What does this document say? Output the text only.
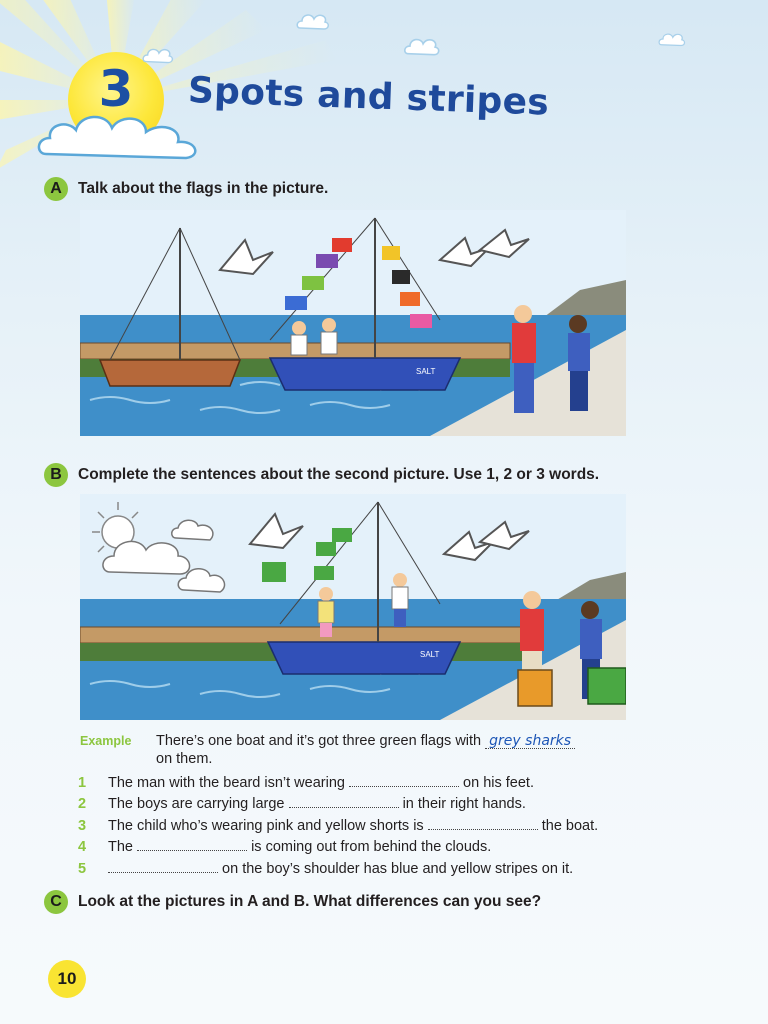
3	Spots and stripes
A	Talk about the flags in the picture.
SALT
B	Complete the sentences about the second picture. Use 1, 2 or 3 words.
SALT
Example There’s one boat and it’s got three green flags with grey sharks
on them.
1 The man with the beard isn’t wearing	on his feet.
2 The boys are carrying large	in their right hands.
3 The child who’s wearing pink and yellow shorts is	the boat.
4 The	is coming out from behind the clouds.
5	on the boy’s shoulder has blue and yellow stripes on it.
C	Look at the pictures in A and B. What differences can you see?
10
